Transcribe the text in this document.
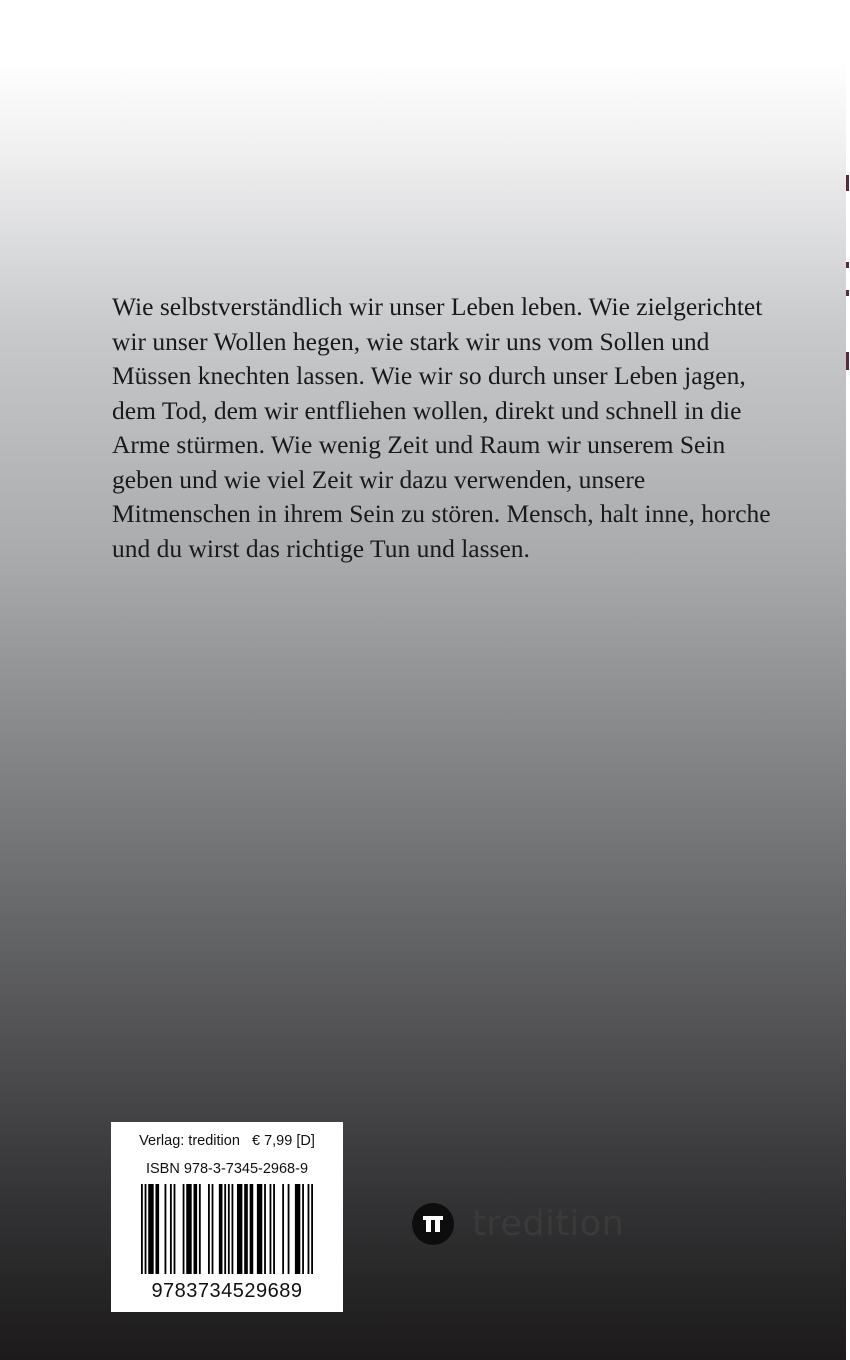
Wie selbstverständlich wir unser Leben leben. Wie zielgerichtet wir unser Wollen hegen, wie stark wir uns vom Sollen und Müssen knechten lassen. Wie wir so durch unser Leben jagen, dem Tod, dem wir entfliehen wollen, direkt und schnell in die Arme stürmen. Wie wenig Zeit und Raum wir unserem Sein geben und wie viel Zeit wir dazu verwenden, unsere Mitmenschen in ihrem Sein zu stören. Mensch, halt inne, horche und du wirst das richtige Tun und lassen.

Verlag: tredition   € 7,99 [D]
ISBN 978-3-7345-2968-9
9783734529689
tredition
